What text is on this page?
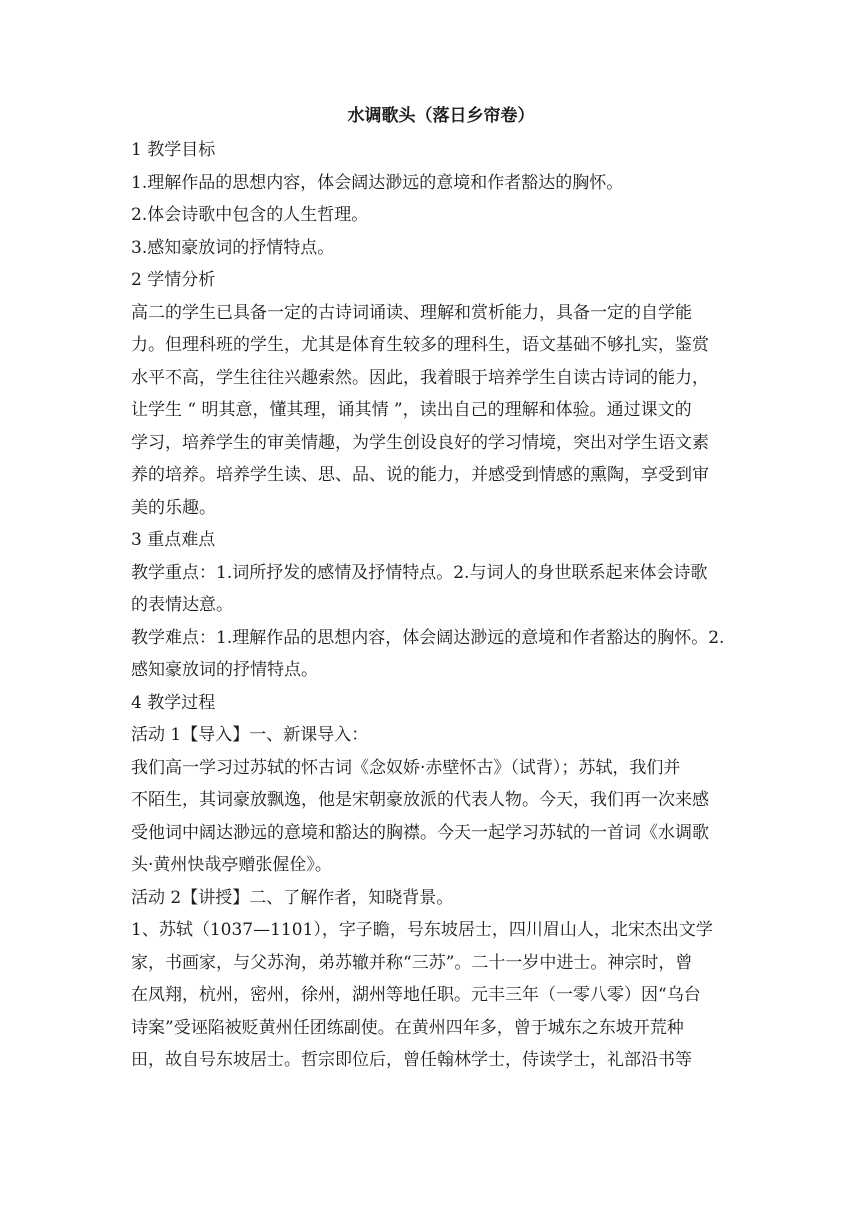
水调歌头（落日乡帘卷）

1 教学目标

1.理解作品的思想内容，体会阔达渺远的意境和作者豁达的胸怀。

2.体会诗歌中包含的人生哲理。

3.感知豪放词的抒情特点。

2 学情分析

高二的学生已具备一定的古诗词诵读、理解和赏析能力，具备一定的自学能

力。但理科班的学生，尤其是体育生较多的理科生，语文基础不够扎实，鉴赏

水平不高，学生往往兴趣索然。因此，我着眼于培养学生自读古诗词的能力，

让学生 “ 明其意，懂其理，诵其情 ”，读出自己的理解和体验。通过课文的

学习，培养学生的审美情趣，为学生创设良好的学习情境，突出对学生语文素

养的培养。培养学生读、思、品、说的能力，并感受到情感的熏陶，享受到审

美的乐趣。

3 重点难点

教学重点：1.词所抒发的感情及抒情特点。2.与词人的身世联系起来体会诗歌

的表情达意。

教学难点：1.理解作品的思想内容，体会阔达渺远的意境和作者豁达的胸怀。2.

感知豪放词的抒情特点。

4 教学过程

活动 1【导入】一、新课导入：

我们高一学习过苏轼的怀古词《念奴娇·赤壁怀古》（试背）；苏轼，我们并

不陌生，其词豪放飘逸，他是宋朝豪放派的代表人物。今天，我们再一次来感

受他词中阔达渺远的意境和豁达的胸襟。今天一起学习苏轼的一首词《水调歌

头·黄州快哉亭赠张偓佺》。

活动 2【讲授】二、了解作者，知晓背景。

1、苏轼（1037—1101），字子瞻，号东坡居士，四川眉山人，北宋杰出文学

家，书画家，与父苏洵，弟苏辙并称“三苏”。二十一岁中进士。神宗时，曾

在凤翔，杭州，密州，徐州，湖州等地任职。元丰三年（一零八零）因“乌台

诗案”受诬陷被贬黄州任团练副使。在黄州四年多，曾于城东之东坡开荒种

田，故自号东坡居士。哲宗即位后，曾任翰林学士，侍读学士，礼部沿书等
